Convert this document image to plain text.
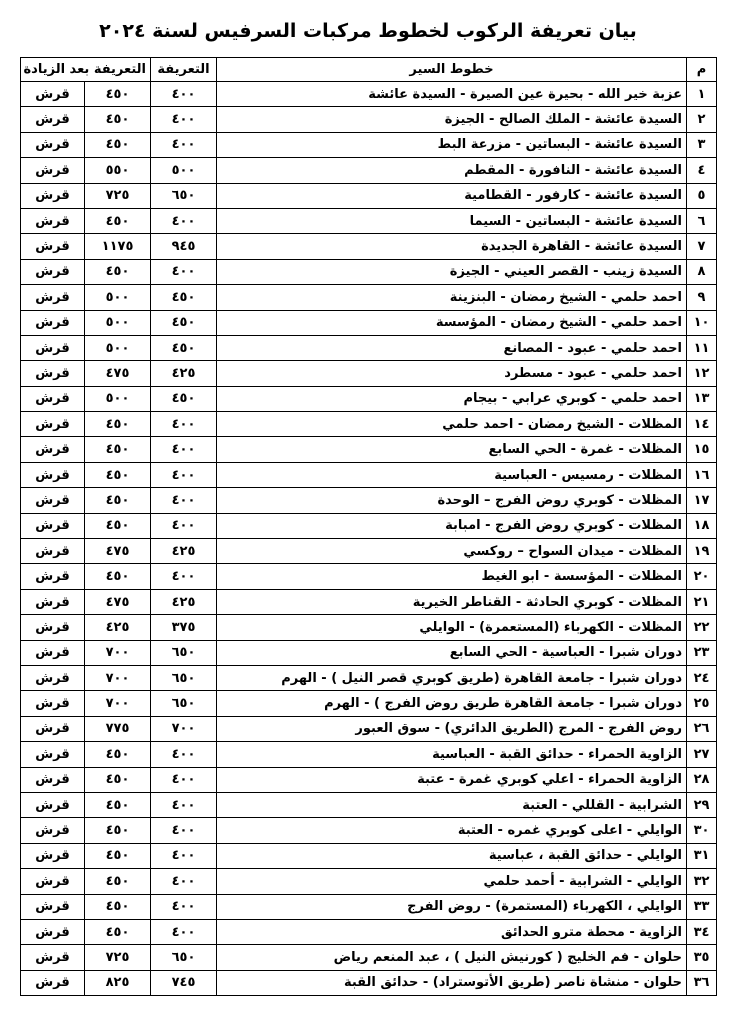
بيان تعريفة الركوب لخطوط مركبات السرفيس لسنة ٢٠٢٤
م	خطوط السير	التعريفة	التعريفة بعد الزيادة	
١	عزبة خير الله - بحيرة عين الصيرة - السيدة عائشة	٤٠٠	٤٥٠	قرش
٢	السيدة عائشة - الملك الصالح - الجيزة	٤٠٠	٤٥٠	قرش
٣	السيدة عائشة - البساتين - مزرعة البط	٤٠٠	٤٥٠	قرش
٤	السيدة عائشة - النافورة - المقطم	٥٠٠	٥٥٠	قرش
٥	السيدة عائشة - كارفور - القطامية	٦٥٠	٧٢٥	قرش
٦	السيدة عائشة - البساتين - السيما	٤٠٠	٤٥٠	قرش
٧	السيدة عائشة - القاهرة الجديدة	٩٤٥	١١٧٥	قرش
٨	السيدة زينب - القصر العيني - الجيزة	٤٠٠	٤٥٠	قرش
٩	احمد حلمي - الشيخ رمضان - البنزينة	٤٥٠	٥٠٠	قرش
١٠	احمد حلمي - الشيخ رمضان - المؤسسة	٤٥٠	٥٠٠	قرش
١١	احمد حلمي - عبود - المصانع	٤٥٠	٥٠٠	قرش
١٢	احمد حلمي - عبود - مسطرد	٤٢٥	٤٧٥	قرش
١٣	احمد حلمي - كوبري عرابي - بيجام	٤٥٠	٥٠٠	قرش
١٤	المظلات - الشيخ رمضان - احمد حلمي	٤٠٠	٤٥٠	قرش
١٥	المظلات - غمرة - الحي السابع	٤٠٠	٤٥٠	قرش
١٦	المظلات - رمسيس - العباسية	٤٠٠	٤٥٠	قرش
١٧	المظلات - كوبري روض الفرج – الوحدة	٤٠٠	٤٥٠	قرش
١٨	المظلات - كوبري روض الفرج - امبابة	٤٠٠	٤٥٠	قرش
١٩	المظلات - ميدان السواح – روكسي	٤٢٥	٤٧٥	قرش
٢٠	المظلات - المؤسسة - ابو الغيط	٤٠٠	٤٥٠	قرش
٢١	المظلات - كوبري الحادثة - القناطر الخيرية	٤٢٥	٤٧٥	قرش
٢٢	المظلات - الكهرباء (المستعمرة) - الوايلي	٣٧٥	٤٢٥	قرش
٢٣	دوران شبرا - العباسية - الحي السابع	٦٥٠	٧٠٠	قرش
٢٤	دوران شبرا - جامعة القاهرة (طريق كوبري قصر النيل ) - الهرم	٦٥٠	٧٠٠	قرش
٢٥	دوران شبرا - جامعة القاهرة طريق روض الفرج ) - الهرم	٦٥٠	٧٠٠	قرش
٢٦	روض الفرج - المرج (الطريق الدائري) - سوق العبور	٧٠٠	٧٧٥	قرش
٢٧	الزاوية الحمراء - حدائق القبة - العباسية	٤٠٠	٤٥٠	قرش
٢٨	الزاوية الحمراء - اعلي كوبري غمرة - عتبة	٤٠٠	٤٥٠	قرش
٢٩	الشرابية - القللي - العتبة	٤٠٠	٤٥٠	قرش
٣٠	الوايلي - اعلى كوبري غمره - العتبة	٤٠٠	٤٥٠	قرش
٣١	الوايلي - حدائق القبة ، عباسية	٤٠٠	٤٥٠	قرش
٣٢	الوايلي - الشرابية - أحمد حلمي	٤٠٠	٤٥٠	قرش
٣٣	الوايلي ، الكهرباء (المستمرة) - روض الفرج	٤٠٠	٤٥٠	قرش
٣٤	الزاوية - محطة مترو الحدائق	٤٠٠	٤٥٠	قرش
٣٥	حلوان - فم الخليج ( كورنيش النيل ) ، عبد المنعم رياض	٦٥٠	٧٢٥	قرش
٣٦	حلوان - منشاة ناصر (طريق الأتوستراد) - حدائق القبة	٧٤٥	٨٢٥	قرش
